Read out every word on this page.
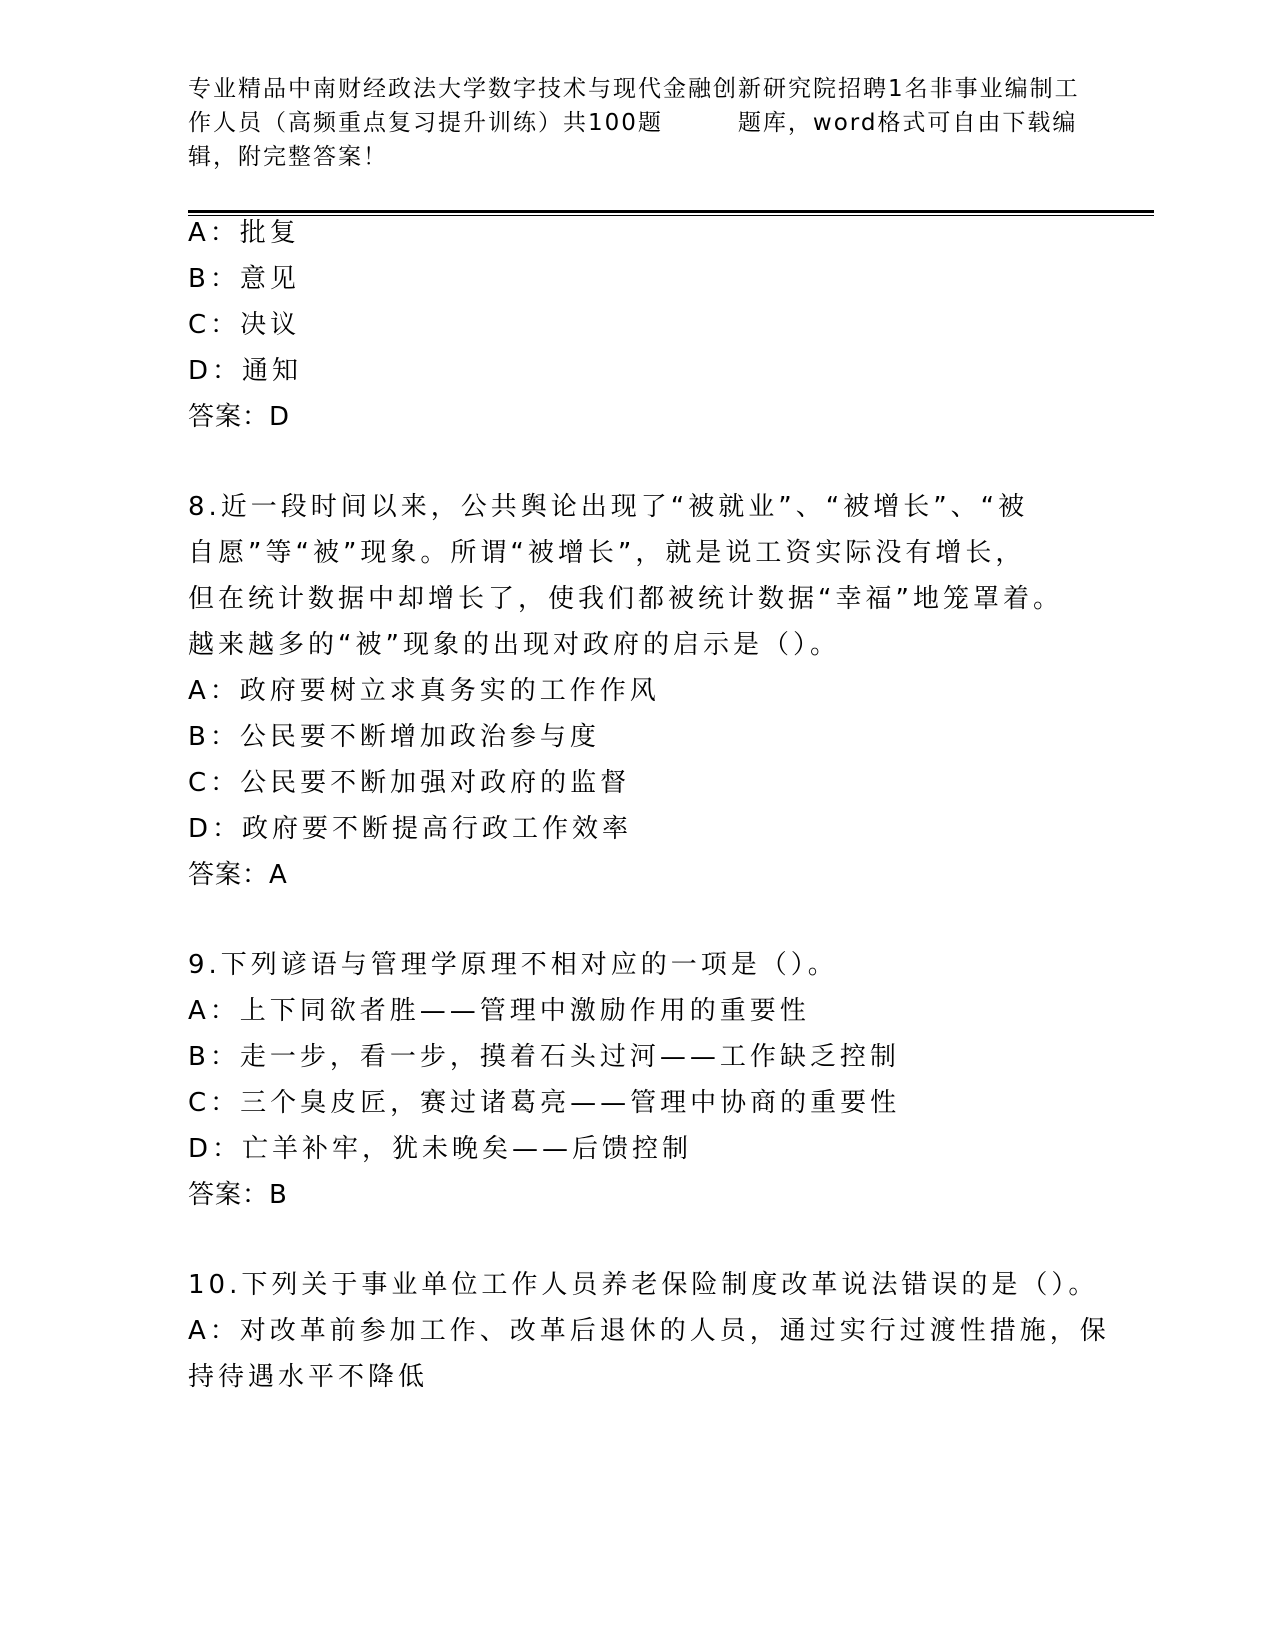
专业精品中南财经政法大学数字技术与现代金融创新研究院招聘1名非事业编制工
作人员（高频重点复习提升训练）共100题　　　题库，word格式可自由下载编
辑，附完整答案！
A：批复
B：意见
C：决议
D：通知
答案：D
8.近一段时间以来，公共舆论出现了“被就业”、“被增长”、“被
自愿”等“被”现象。所谓“被增长”，就是说工资实际没有增长，
但在统计数据中却增长了，使我们都被统计数据“幸福”地笼罩着。
越来越多的“被”现象的出现对政府的启示是（）。
A：政府要树立求真务实的工作作风
B：公民要不断增加政治参与度
C：公民要不断加强对政府的监督
D：政府要不断提高行政工作效率
答案：A
9.下列谚语与管理学原理不相对应的一项是（）。
A：上下同欲者胜——管理中激励作用的重要性
B：走一步，看一步，摸着石头过河——工作缺乏控制
C：三个臭皮匠，赛过诸葛亮——管理中协商的重要性
D：亡羊补牢，犹未晚矣——后馈控制
答案：B
10.下列关于事业单位工作人员养老保险制度改革说法错误的是（）。
A：对改革前参加工作、改革后退休的人员，通过实行过渡性措施，保
持待遇水平不降低
